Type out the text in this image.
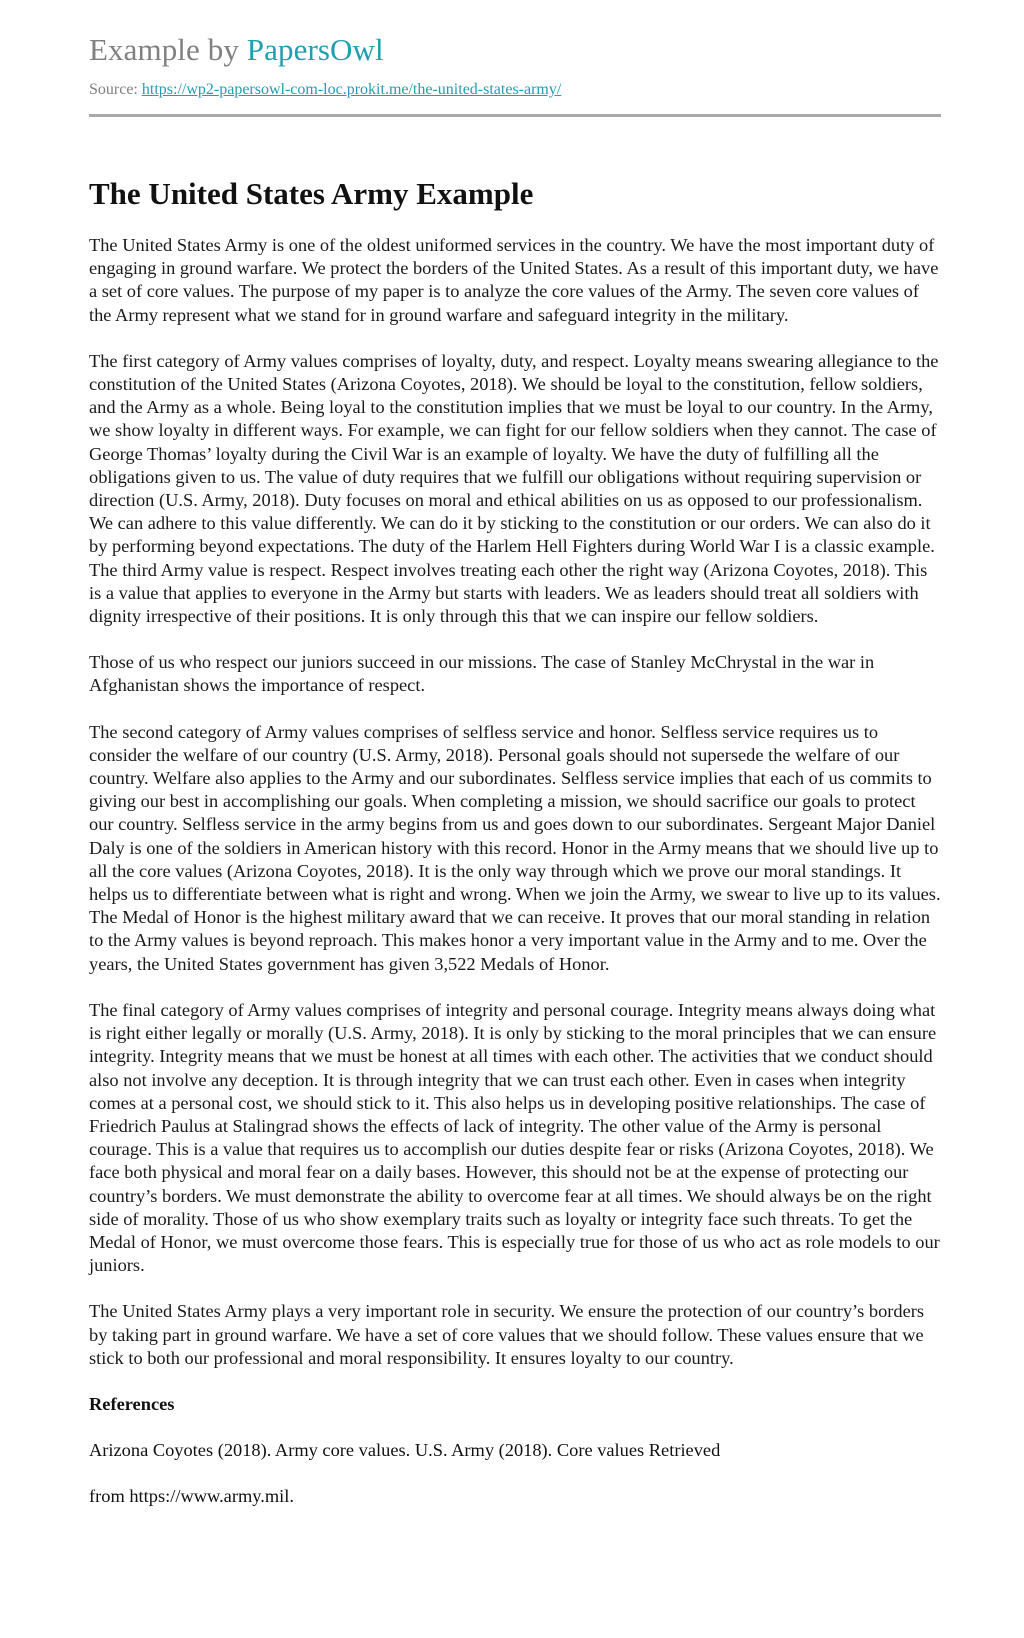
Example by PapersOwl
Source: https://wp2-papersowl-com-loc.prokit.me/the-united-states-army/
The United States Army Example

The United States Army is one of the oldest uniformed services in the country. We have the most important duty of engaging in ground warfare. We protect the borders of the United States. As a result of this important duty, we have a set of core values. The purpose of my paper is to analyze the core values of the Army. The seven core values of the Army represent what we stand for in ground warfare and safeguard integrity in the military.

The first category of Army values comprises of loyalty, duty, and respect. Loyalty means swearing allegiance to the constitution of the United States (Arizona Coyotes, 2018). We should be loyal to the constitution, fellow soldiers, and the Army as a whole. Being loyal to the constitution implies that we must be loyal to our country. In the Army, we show loyalty in different ways. For example, we can fight for our fellow soldiers when they cannot. The case of George Thomas’ loyalty during the Civil War is an example of loyalty. We have the duty of fulfilling all the obligations given to us. The value of duty requires that we fulfill our obligations without requiring supervision or direction (U.S. Army, 2018). Duty focuses on moral and ethical abilities on us as opposed to our professionalism. We can adhere to this value differently. We can do it by sticking to the constitution or our orders. We can also do it by performing beyond expectations. The duty of the Harlem Hell Fighters during World War I is a classic example. The third Army value is respect. Respect involves treating each other the right way (Arizona Coyotes, 2018). This is a value that applies to everyone in the Army but starts with leaders. We as leaders should treat all soldiers with dignity irrespective of their positions. It is only through this that we can inspire our fellow soldiers.

Those of us who respect our juniors succeed in our missions. The case of Stanley McChrystal in the war in Afghanistan shows the importance of respect.

The second category of Army values comprises of selfless service and honor. Selfless service requires us to consider the welfare of our country (U.S. Army, 2018). Personal goals should not supersede the welfare of our country. Welfare also applies to the Army and our subordinates. Selfless service implies that each of us commits to giving our best in accomplishing our goals. When completing a mission, we should sacrifice our goals to protect our country. Selfless service in the army begins from us and goes down to our subordinates. Sergeant Major Daniel Daly is one of the soldiers in American history with this record. Honor in the Army means that we should live up to all the core values (Arizona Coyotes, 2018). It is the only way through which we prove our moral standings. It helps us to differentiate between what is right and wrong. When we join the Army, we swear to live up to its values. The Medal of Honor is the highest military award that we can receive. It proves that our moral standing in relation to the Army values is beyond reproach. This makes honor a very important value in the Army and to me. Over the years, the United States government has given 3,522 Medals of Honor.

The final category of Army values comprises of integrity and personal courage. Integrity means always doing what is right either legally or morally (U.S. Army, 2018). It is only by sticking to the moral principles that we can ensure integrity. Integrity means that we must be honest at all times with each other. The activities that we conduct should also not involve any deception. It is through integrity that we can trust each other. Even in cases when integrity comes at a personal cost, we should stick to it. This also helps us in developing positive relationships. The case of Friedrich Paulus at Stalingrad shows the effects of lack of integrity. The other value of the Army is personal courage. This is a value that requires us to accomplish our duties despite fear or risks (Arizona Coyotes, 2018). We face both physical and moral fear on a daily bases. However, this should not be at the expense of protecting our country’s borders. We must demonstrate the ability to overcome fear at all times. We should always be on the right side of morality. Those of us who show exemplary traits such as loyalty or integrity face such threats. To get the Medal of Honor, we must overcome those fears. This is especially true for those of us who act as role models to our juniors.

The United States Army plays a very important role in security. We ensure the protection of our country’s borders by taking part in ground warfare. We have a set of core values that we should follow. These values ensure that we stick to both our professional and moral responsibility. It ensures loyalty to our country.

References

Arizona Coyotes (2018). Army core values. U.S. Army (2018). Core values Retrieved

from https://www.army.mil.
